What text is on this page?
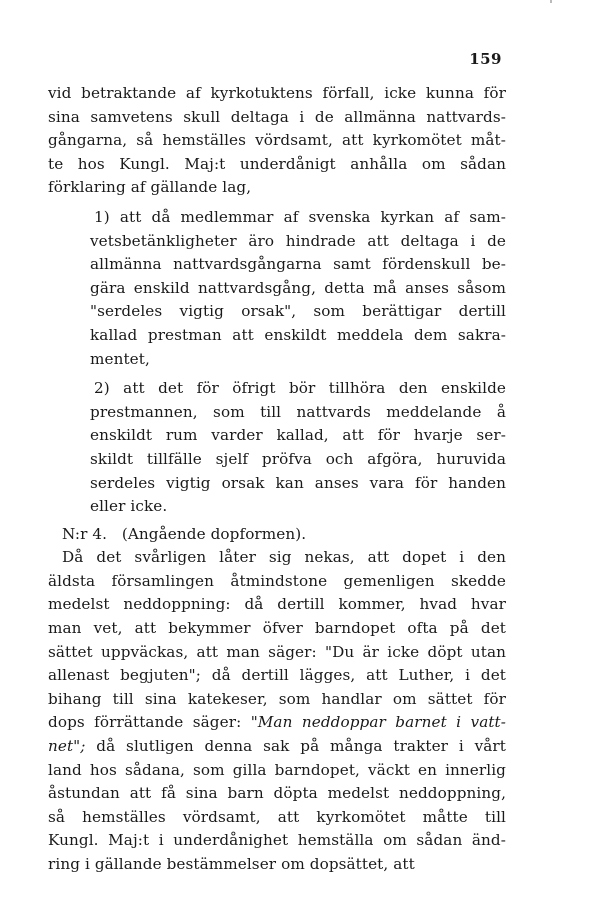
159
vid betraktande af kyrkotuktens förfall, icke kunna för
sina samvetens skull deltaga i de allmänna nattvards-
gångarna, så hemställes vördsamt, att kyrkomötet måt-
te hos Kungl. Maj:t underdånigt anhålla om sådan
förklaring af gällande lag,
1) att då medlemmar af svenska kyrkan af sam-
vetsbetänkligheter äro hindrade att deltaga i de
allmänna nattvardsgångarna samt fördenskull be-
gära enskild nattvardsgång, detta må anses såsom
"serdeles vigtig orsak", som berättigar dertill
kallad prestman att enskildt meddela dem sakra-
mentet,
2) att det för öfrigt bör tillhöra den enskilde
prestmannen, som till nattvards meddelande å
enskildt rum varder kallad, att för hvarje ser-
skildt tillfälle sjelf pröfva och afgöra, huruvida
serdeles vigtig orsak kan anses vara för handen
eller icke.
N:r 4.   (Angående dopformen).
Då det svårligen låter sig nekas, att dopet i den
äldsta församlingen åtmindstone gemenligen skedde
medelst neddoppning: då dertill kommer, hvad hvar
man vet, att bekymmer öfver barndopet ofta på det
sättet uppväckas, att man säger: "Du är icke döpt utan
allenast begjuten"; då dertill lägges, att Luther, i det
bihang till sina katekeser, som handlar om sättet för
dops förrättande säger: "Man neddoppar barnet i vatt-
net"; då slutligen denna sak på många trakter i vårt
land hos sådana, som gilla barndopet, väckt en innerlig
åstundan att få sina barn döpta medelst neddoppning,
så hemställes vördsamt, att kyrkomötet måtte till
Kungl. Maj:t i underdånighet hemställa om sådan änd-
ring i gällande bestämmelser om dopsättet, att
